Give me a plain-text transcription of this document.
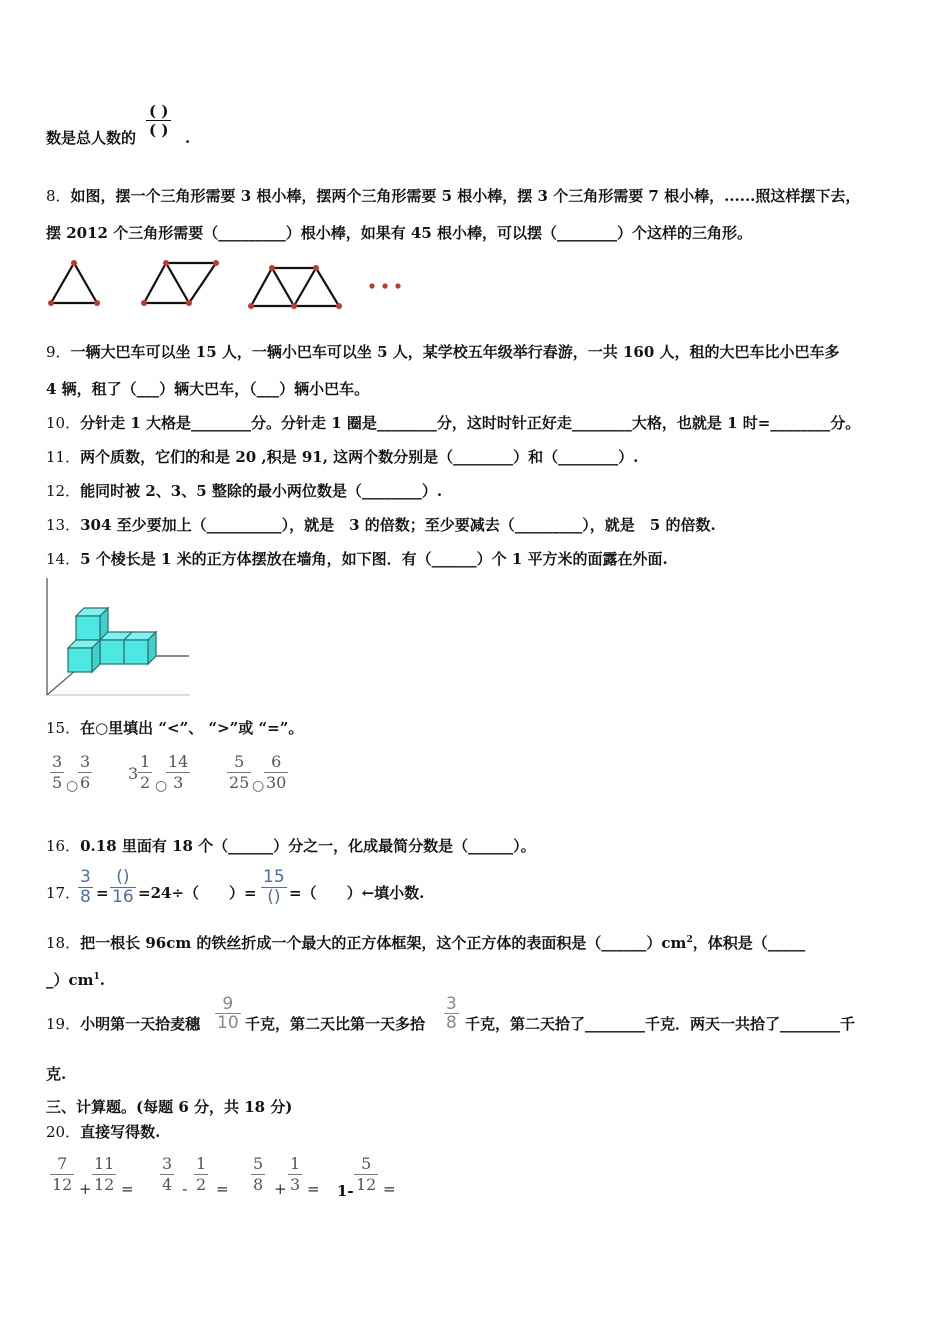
( )
( )
数是总人数的	.
8．如图，摆一个三角形需要 3 根小棒，摆两个三角形需要 5 根小棒，摆 3 个三角形需要 7 根小棒，......照这样摆下去，
摆 2012 个三角形需要（_________）根小棒，如果有 45 根小棒，可以摆（________）个这样的三角形。
9．一辆大巴车可以坐 15 人，一辆小巴车可以坐 5 人，某学校五年级举行春游，一共 160 人，租的大巴车比小巴车多
4 辆，租了（___）辆大巴车，（___）辆小巴车。
10．分针走 1 大格是________分。分针走 1 圈是________分，这时时针正好走________大格，也就是 1 时=________分。
11．两个质数，它们的和是 20 ,积是 91, 这两个数分别是（________）和（________）.
12．能同时被 2、3、5 整除的最小两位数是（________）.
13．304 至少要加上（__________），就是　3 的倍数；至少要减去（_________），就是　5 的倍数.
14．5 个棱长是 1 米的正方体摆放在墙角，如下图．有（______）个 1 平方米的面露在外面.
15．在○里填出 “<”、 “>”或 “=”。
$\frac{3}{5}$ ○ $\frac{3}{6} 3 \frac{1}{2}$ ○
$\frac{14}{3} \frac{5}{25}$ ○ $\frac{6}{30}$
16．0.18 里面有 18 个（______）分之一，化成最简分数是（______）。
17．
3
8 =
()
16 =24÷（　　）=
15
() =（　　）←填小数.
18．把一根长 96cm 的铁丝折成一个最大的正方体框架，这个正方体的表面积是$(\_\_\_\_\_\_)cm^2$，体积是（_____
$\_)cm^1$.
19．小明第一天拾麦穗
9
10 千克，第二天比第一天多拾
3
8 千克，第二天拾了________千克．两天一共拾了________千
克.
三、计算题。(每题 6 分，共 18 分)
20．直接写得数.
$\frac{7}{12} + \frac{11}{12} = \frac{3}{4} - \frac{1}{2} = \frac{5}{8} + \frac{1}{3} = 1- \frac{5}{12}$ =
